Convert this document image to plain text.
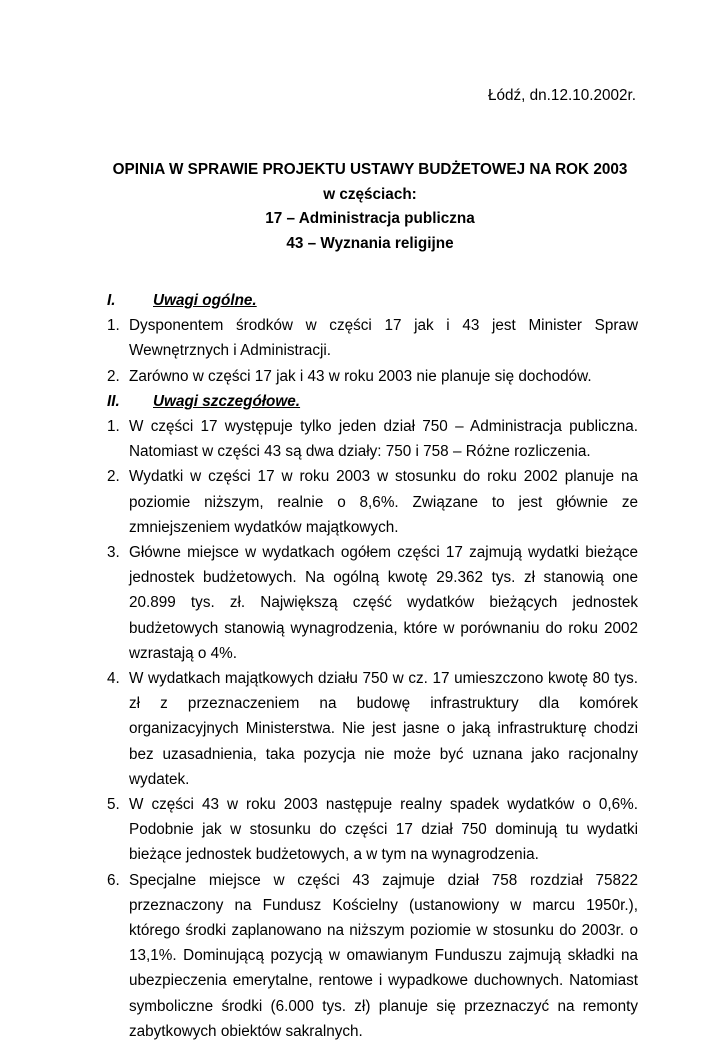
Łódź, dn.12.10.2002r.
OPINIA W SPRAWIE PROJEKTU USTAWY BUDŻETOWEJ NA ROK 2003
w częściach:
17 – Administracja publiczna
43 – Wyznania religijne
I. Uwagi ogólne.
1. Dysponentem środków w części 17 jak i 43 jest Minister Spraw Wewnętrznych i Administracji.
2. Zarówno w części 17 jak i 43 w roku 2003 nie planuje się dochodów.
II. Uwagi szczegółowe.
1. W części 17 występuje tylko jeden dział 750 – Administracja publiczna. Natomiast w części 43 są dwa działy: 750 i 758 – Różne rozliczenia.
2. Wydatki w części 17 w roku 2003 w stosunku do roku 2002 planuje na poziomie niższym, realnie o 8,6%. Związane to jest głównie ze zmniejszeniem wydatków majątkowych.
3. Główne miejsce w wydatkach ogółem części 17 zajmują wydatki bieżące jednostek budżetowych. Na ogólną kwotę 29.362 tys. zł stanowią one 20.899 tys. zł. Największą część wydatków bieżących jednostek budżetowych stanowią wynagrodzenia, które w porównaniu do roku 2002 wzrastają o 4%.
4. W wydatkach majątkowych działu 750 w cz. 17 umieszczono kwotę 80 tys. zł z przeznaczeniem na budowę infrastruktury dla komórek organizacyjnych Ministerstwa. Nie jest jasne o jaką infrastrukturę chodzi bez uzasadnienia, taka pozycja nie może być uznana jako racjonalny wydatek.
5. W części 43 w roku 2003 następuje realny spadek wydatków o 0,6%. Podobnie jak w stosunku do części 17 dział 750 dominują tu wydatki bieżące jednostek budżetowych, a w tym na wynagrodzenia.
6. Specjalne miejsce w części 43 zajmuje dział 758 rozdział 75822 przeznaczony na Fundusz Kościelny (ustanowiony w marcu 1950r.), którego środki zaplanowano na niższym poziomie w stosunku do 2003r. o 13,1%. Dominującą pozycją w omawianym Funduszu zajmują składki na ubezpieczenia emerytalne, rentowe i wypadkowe duchownych. Natomiast symboliczne środki (6.000 tys. zł) planuje się przeznaczyć na remonty zabytkowych obiektów sakralnych.
